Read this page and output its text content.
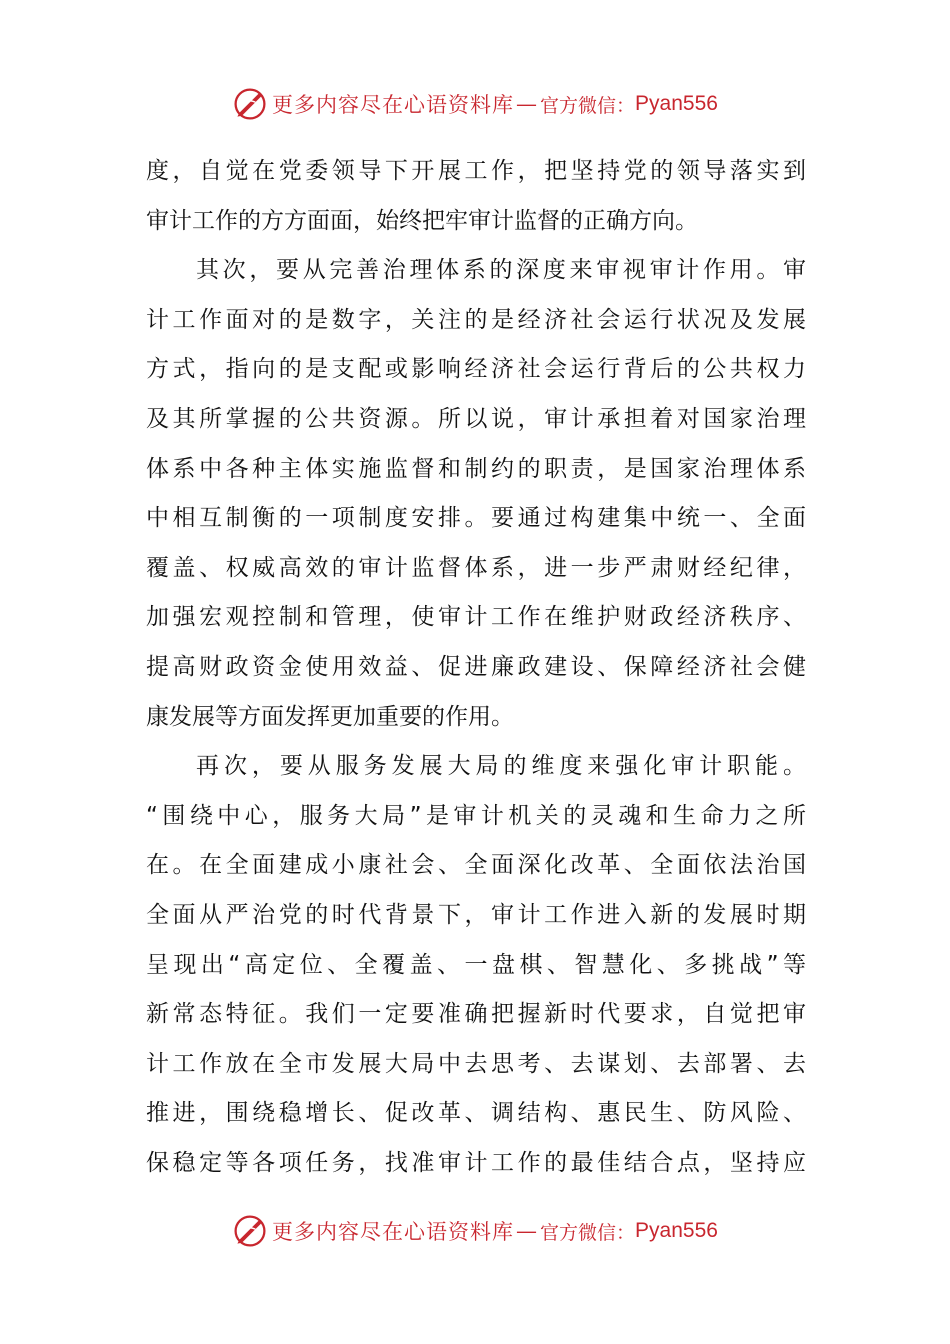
更多内容尽在心语资料库 — 官方微信： Pyan556
度，自觉在党委领导下开展工作，把坚持党的领导落实到
审计工作的方方面面，始终把牢审计监督的正确方向。
其次，要从完善治理体系的深度来审视审计作用。审
计工作面对的是数字，关注的是经济社会运行状况及发展
方式，指向的是支配或影响经济社会运行背后的公共权力
及其所掌握的公共资源。所以说，审计承担着对国家治理
体系中各种主体实施监督和制约的职责，是国家治理体系
中相互制衡的一项制度安排。要通过构建集中统一、全面
覆盖、权威高效的审计监督体系，进一步严肃财经纪律，
加强宏观控制和管理，使审计工作在维护财政经济秩序、
提高财政资金使用效益、促进廉政建设、保障经济社会健
康发展等方面发挥更加重要的作用。
再次，要从服务发展大局的维度来强化审计职能。
“围绕中心，服务大局”是审计机关的灵魂和生命力之所
在。在全面建成小康社会、全面深化改革、全面依法治国
全面从严治党的时代背景下，审计工作进入新的发展时期
呈现出“高定位、全覆盖、一盘棋、智慧化、多挑战”等
新常态特征。我们一定要准确把握新时代要求，自觉把审
计工作放在全市发展大局中去思考、去谋划、去部署、去
推进，围绕稳增长、促改革、调结构、惠民生、防风险、
保稳定等各项任务，找准审计工作的最佳结合点，坚持应
更多内容尽在心语资料库 — 官方微信： Pyan556
